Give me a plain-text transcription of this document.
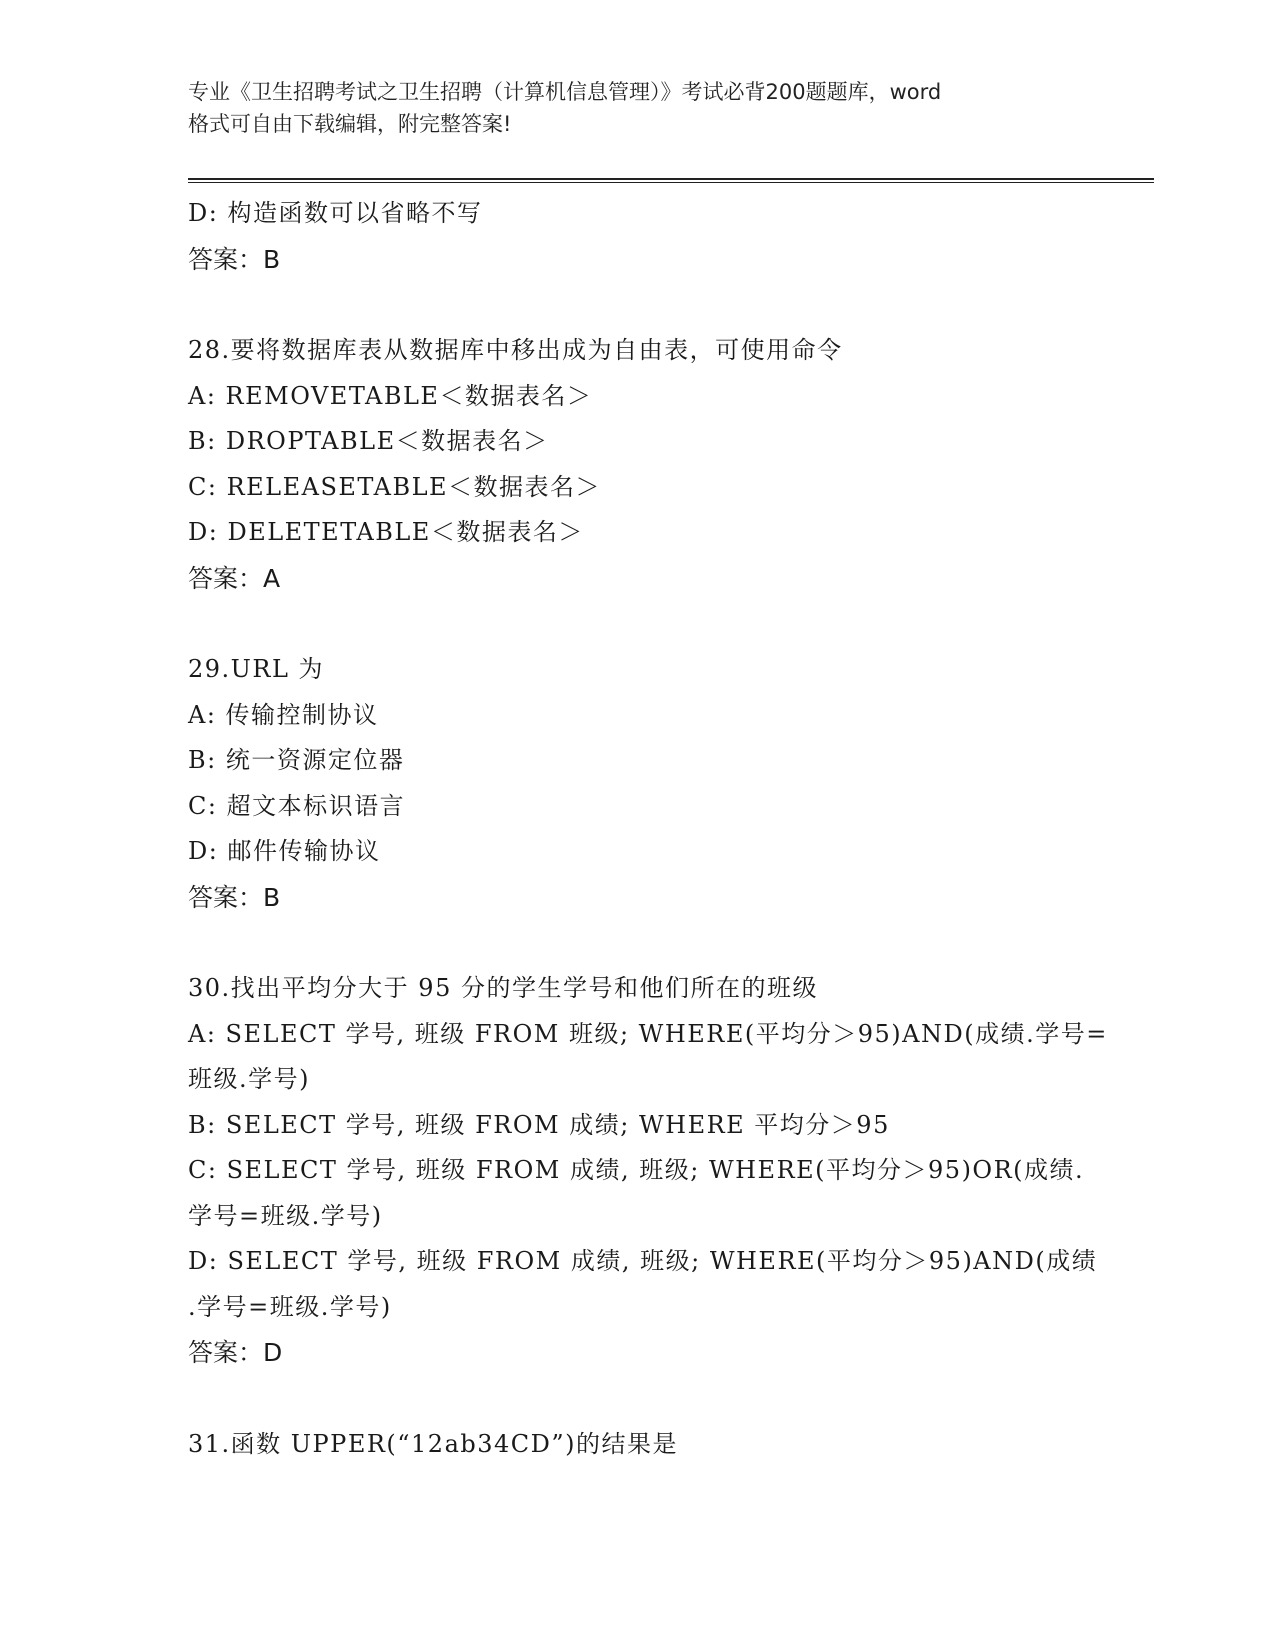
专业《卫生招聘考试之卫生招聘（计算机信息管理）》考试必背200题题库，word
格式可自由下载编辑，附完整答案!

D: 构造函数可以省略不写

答案：B

28.要将数据库表从数据库中移出成为自由表，可使用命令

A: REMOVETABLE＜数据表名＞

B: DROPTABLE＜数据表名＞

C: RELEASETABLE＜数据表名＞

D: DELETETABLE＜数据表名＞

答案：A

29.URL 为

A: 传输控制协议

B: 统一资源定位器

C: 超文本标识语言

D: 邮件传输协议

答案：B

30.找出平均分大于 95 分的学生学号和他们所在的班级

A: SELECT 学号, 班级 FROM 班级; WHERE(平均分＞95)AND(成绩.学号=

班级.学号)

B: SELECT 学号, 班级 FROM 成绩; WHERE 平均分＞95

C: SELECT 学号, 班级 FROM 成绩, 班级; WHERE(平均分＞95)OR(成绩.

学号=班级.学号)

D: SELECT 学号, 班级 FROM 成绩, 班级; WHERE(平均分＞95)AND(成绩

.学号=班级.学号)

答案：D

31.函数 UPPER(“12ab34CD”)的结果是
